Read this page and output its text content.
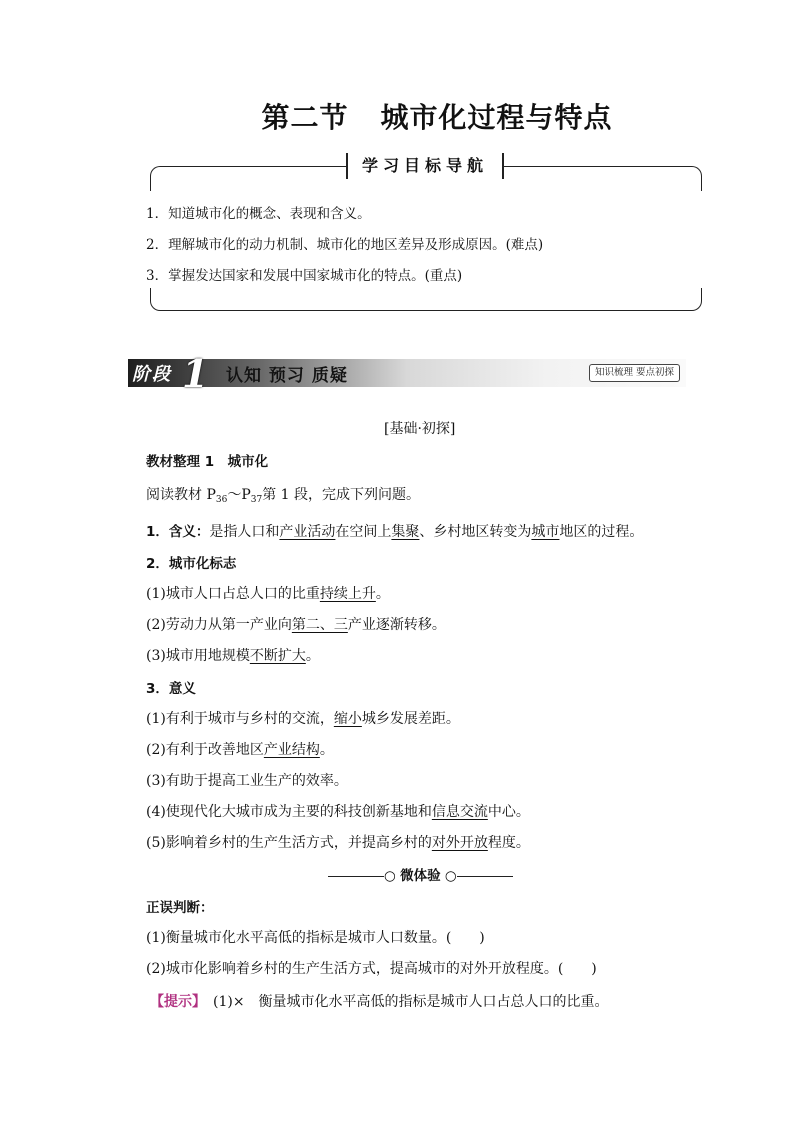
第二节 城市化过程与特点
学习目标导航
1．知道城市化的概念、表现和含义。
2．理解城市化的动力机制、城市化的地区差异及形成原因。(难点)
3．掌握发达国家和发展中国家城市化的特点。(重点)
阶段 1 认知 预习 质疑	知识梳理 要点初探
[基础·初探]
教材整理 1　城市化
阅读教材 $P_{36}\sim P_{37}$第 1 段，完成下列问题。
1．含义：是指人口和产业活动在空间上集聚、乡村地区转变为城市地区的过程。
2．城市化标志
(1)城市人口占总人口的比重持续上升。
(2)劳动力从第一产业向第二、三产业逐渐转移。
(3)城市用地规模不断扩大。
3．意义
(1)有利于城市与乡村的交流，缩小城乡发展差距。
(2)有利于改善地区产业结构。
(3)有助于提高工业生产的效率。
(4)使现代化大城市成为主要的科技创新基地和信息交流中心。
(5)影响着乡村的生产生活方式，并提高乡村的对外开放程度。
○ 微体验 ○
正误判断：
(1)衡量城市化水平高低的指标是城市人口数量。(　　)
(2)城市化影响着乡村的生产生活方式，提高城市的对外开放程度。(　　)
【提示】　(1)×　衡量城市化水平高低的指标是城市人口占总人口的比重。
